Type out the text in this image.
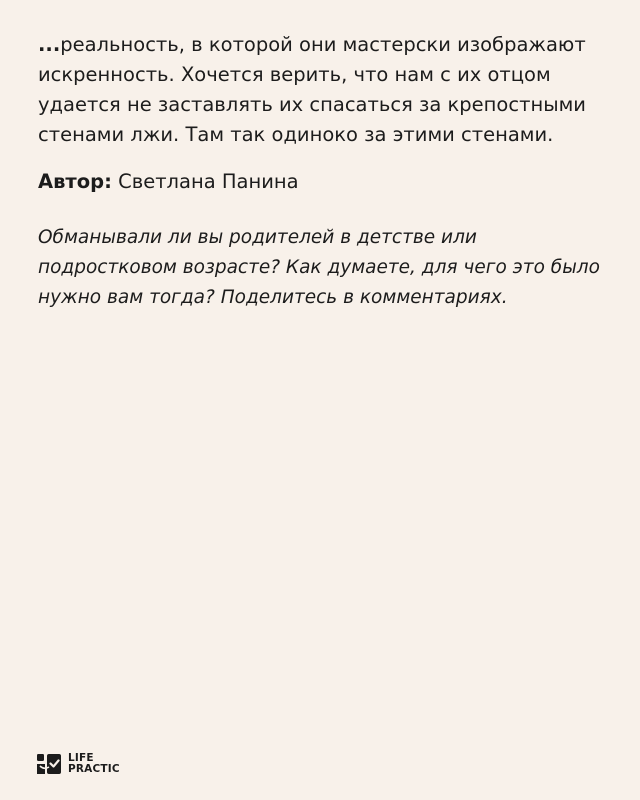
...реальность, в которой они мастерски изображают искренность. Хочется верить, что нам с их отцом удается не заставлять их спасаться за крепостными стенами лжи. Там так одиноко за этими стенами.

Автор: Светлана Панина

Обманывали ли вы родителей в детстве или подростковом возрасте? Как думаете, для чего это было нужно вам тогда? Поделитесь в комментариях.

LIFE
PRACTIC
